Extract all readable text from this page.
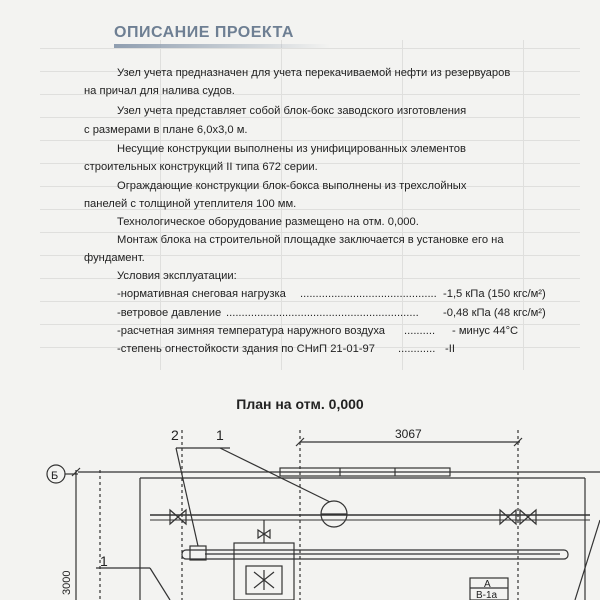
ОПИСАНИЕ ПРОЕКТА
Узел учета предназначен для учета перекачиваемой нефти из резервуаров
на причал для налива судов.
Узел учета представляет собой блок-бокс заводского изготовления
с размерами в плане 6,0x3,0 м.
Несущие конструкции выполнены из унифицированных элементов
строительных конструкций II типа 672 серии.
Ограждающие конструкции блок-бокса выполнены из трехслойных
панелей с толщиной утеплителя 100 мм.
Технологическое оборудование размещено на отм. 0,000.
Монтаж блока на строительной площадке заключается в установке его на
фундамент.
Условия эксплуатации:
-нормативная снеговая нагрузка ............................................ -1,5 кПа (150 кгс/м²)
-ветровое давление .............................................................. -0,48 кПа (48 кгс/м²)
-расчетная зимняя температура наружного воздуха .......... - минус 44°С
-степень огнестойкости здания по СНиП 21-01-97 ............ -II
План на отм. 0,000
2	1
1
3067
3000
Б
А
В-1а
